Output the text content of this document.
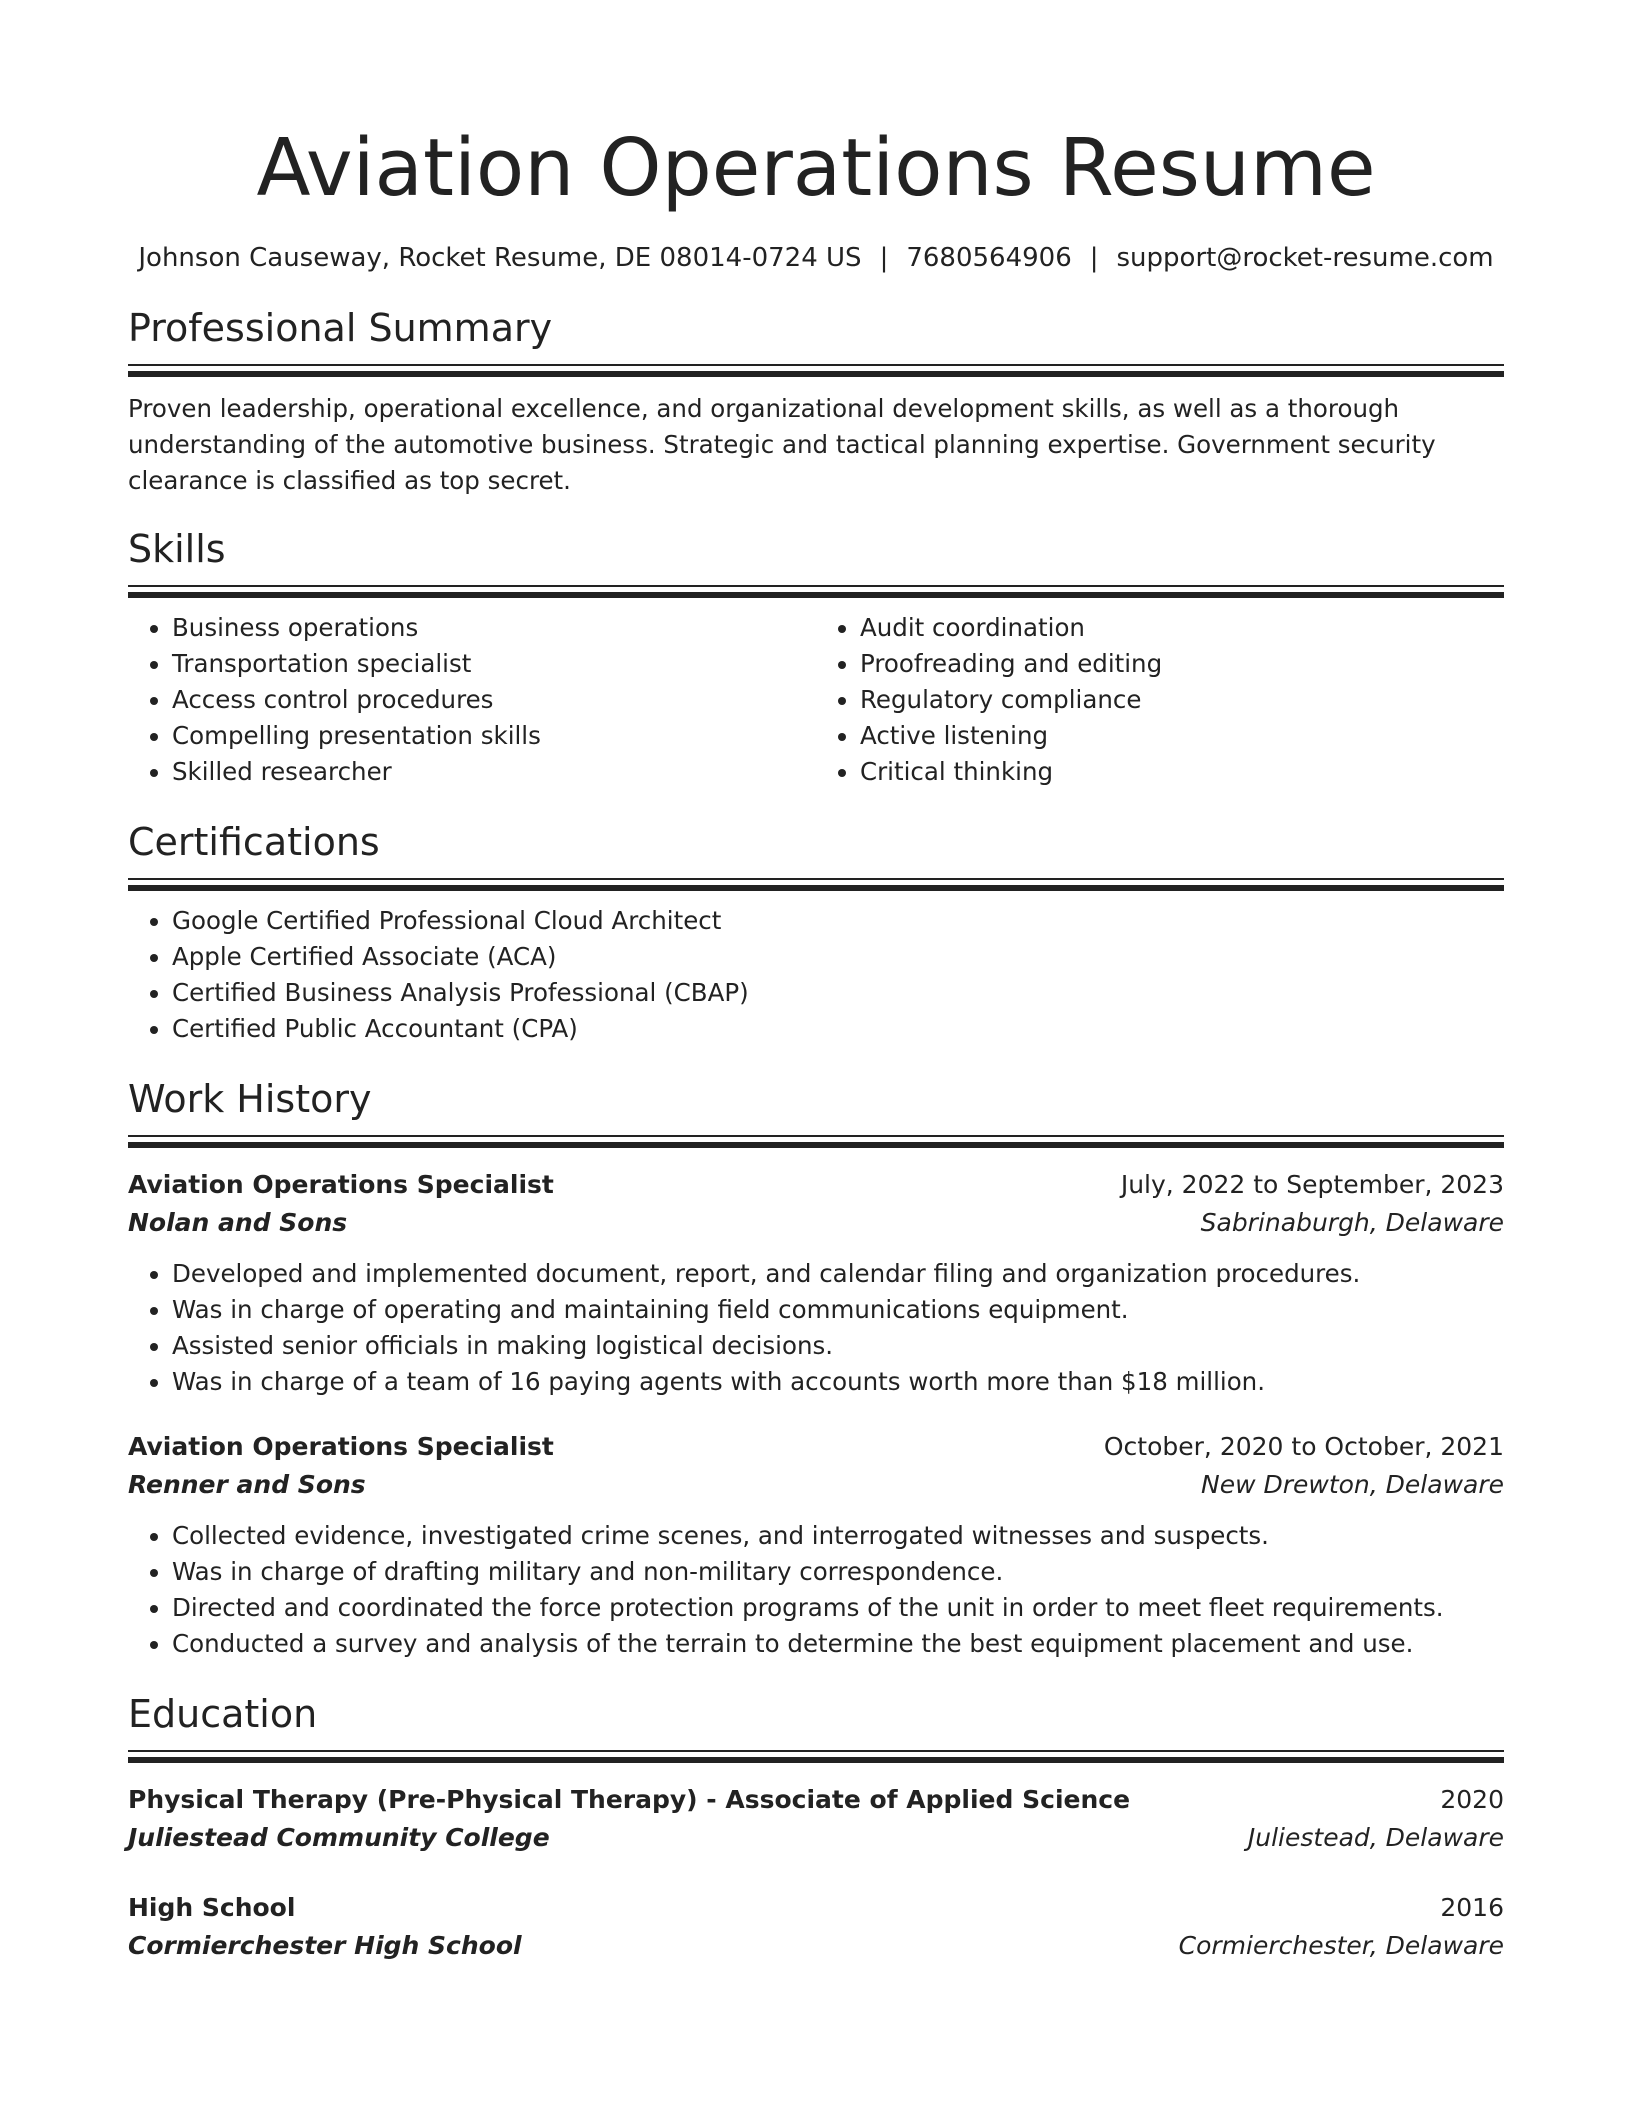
Aviation Operations Resume
Johnson Causeway, Rocket Resume, DE 08014-0724 US | 7680564906 | support@rocket-resume.com
Professional Summary

Proven leadership, operational excellence, and organizational development skills, as well as a thorough understanding of the automotive business. Strategic and tactical planning expertise. Government security clearance is classified as top secret.

Skills
• Business operations
• Transportation specialist
• Access control procedures
• Compelling presentation skills
• Skilled researcher
• Audit coordination
• Proofreading and editing
• Regulatory compliance
• Active listening
• Critical thinking
Certifications
• Google Certified Professional Cloud Architect
• Apple Certified Associate (ACA)
• Certified Business Analysis Professional (CBAP)
• Certified Public Accountant (CPA)
Work History
Aviation Operations Specialist	July, 2022 to September, 2023
Nolan and Sons	Sabrinaburgh, Delaware
• Developed and implemented document, report, and calendar filing and organization procedures.
• Was in charge of operating and maintaining field communications equipment.
• Assisted senior officials in making logistical decisions.
• Was in charge of a team of 16 paying agents with accounts worth more than $18 million.
Aviation Operations Specialist	October, 2020 to October, 2021
Renner and Sons	New Drewton, Delaware
• Collected evidence, investigated crime scenes, and interrogated witnesses and suspects.
• Was in charge of drafting military and non-military correspondence.
• Directed and coordinated the force protection programs of the unit in order to meet fleet requirements.
• Conducted a survey and analysis of the terrain to determine the best equipment placement and use.
Education
Physical Therapy (Pre-Physical Therapy) - Associate of Applied Science	2020
Juliestead Community College	Juliestead, Delaware
High School	2016
Cormierchester High School	Cormierchester, Delaware
